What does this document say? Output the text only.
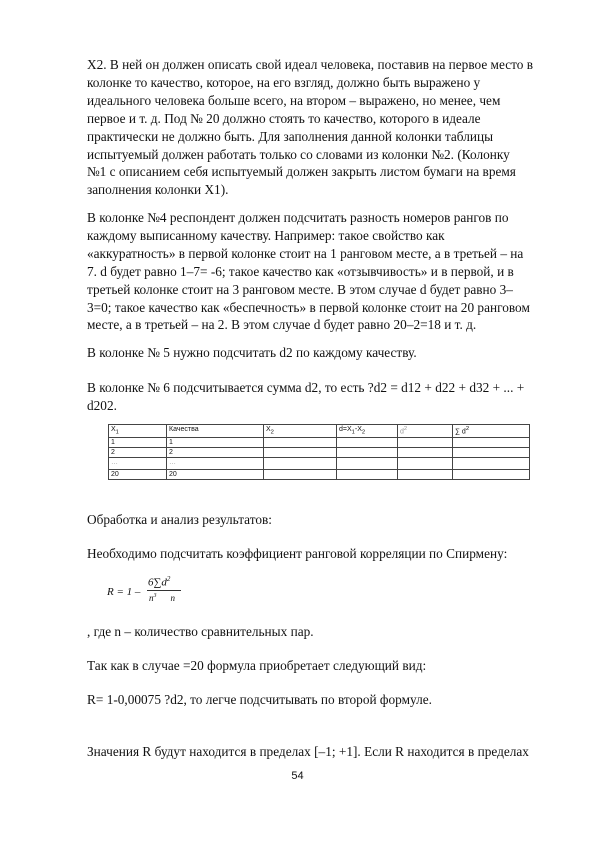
X2. В ней он должен описать свой идеал человека, поставив на первое место в
колонке то качество, которое, на его взгляд, должно быть выражено у
идеального человека больше всего, на втором – выражено, но менее, чем
первое и т. д. Под № 20 должно стоять то качество, которого в идеале
практически не должно быть. Для заполнения данной колонки таблицы
испытуемый должен работать только со словами из колонки №2. (Колонку
№1 с описанием себя испытуемый должен закрыть листом бумаги на время
заполнения колонки X1).

В колонке №4 респондент должен подсчитать разность номеров рангов по
каждому выписанному качеству. Например: такое свойство как
«аккуратность» в первой колонке стоит на 1 ранговом месте, а в третьей – на
7. d будет равно 1–7= -6; такое качество как «отзывчивость» и в первой, и в
третьей колонке стоит на 3 ранговом месте. В этом случае d будет равно 3–
3=0; такое качество как «беспечность» в первой колонке стоит на 20 ранговом
месте, а в третьей – на 2. В этом случае d будет равно 20–2=18 и т. д.

В колонке № 5 нужно подсчитать d2 по каждому качеству.

В колонке № 6 подсчитывается сумма d2, то есть ?d2 = d12 + d22 + d32 + ... +
d202.

$X_1$	Качества	$X_2$	$d=X_1-X_2$	$d^2$	∑ $d^2$
1	1				
2	2				
…	…				
20	20				

Обработка и анализ результатов:

Необходимо подсчитать коэффициент ранговой корреляции по Спирмену:

R = 1 –
$6\sum d^2$
$n^3$ n

, где n – количество сравнительных пар.

Так как в случае =20 формула приобретает следующий вид:

R= 1-0,00075 ?d2, то легче подсчитывать по второй формуле.

Значения R будут находится в пределах [–1; +1]. Если R находится в пределах

54
